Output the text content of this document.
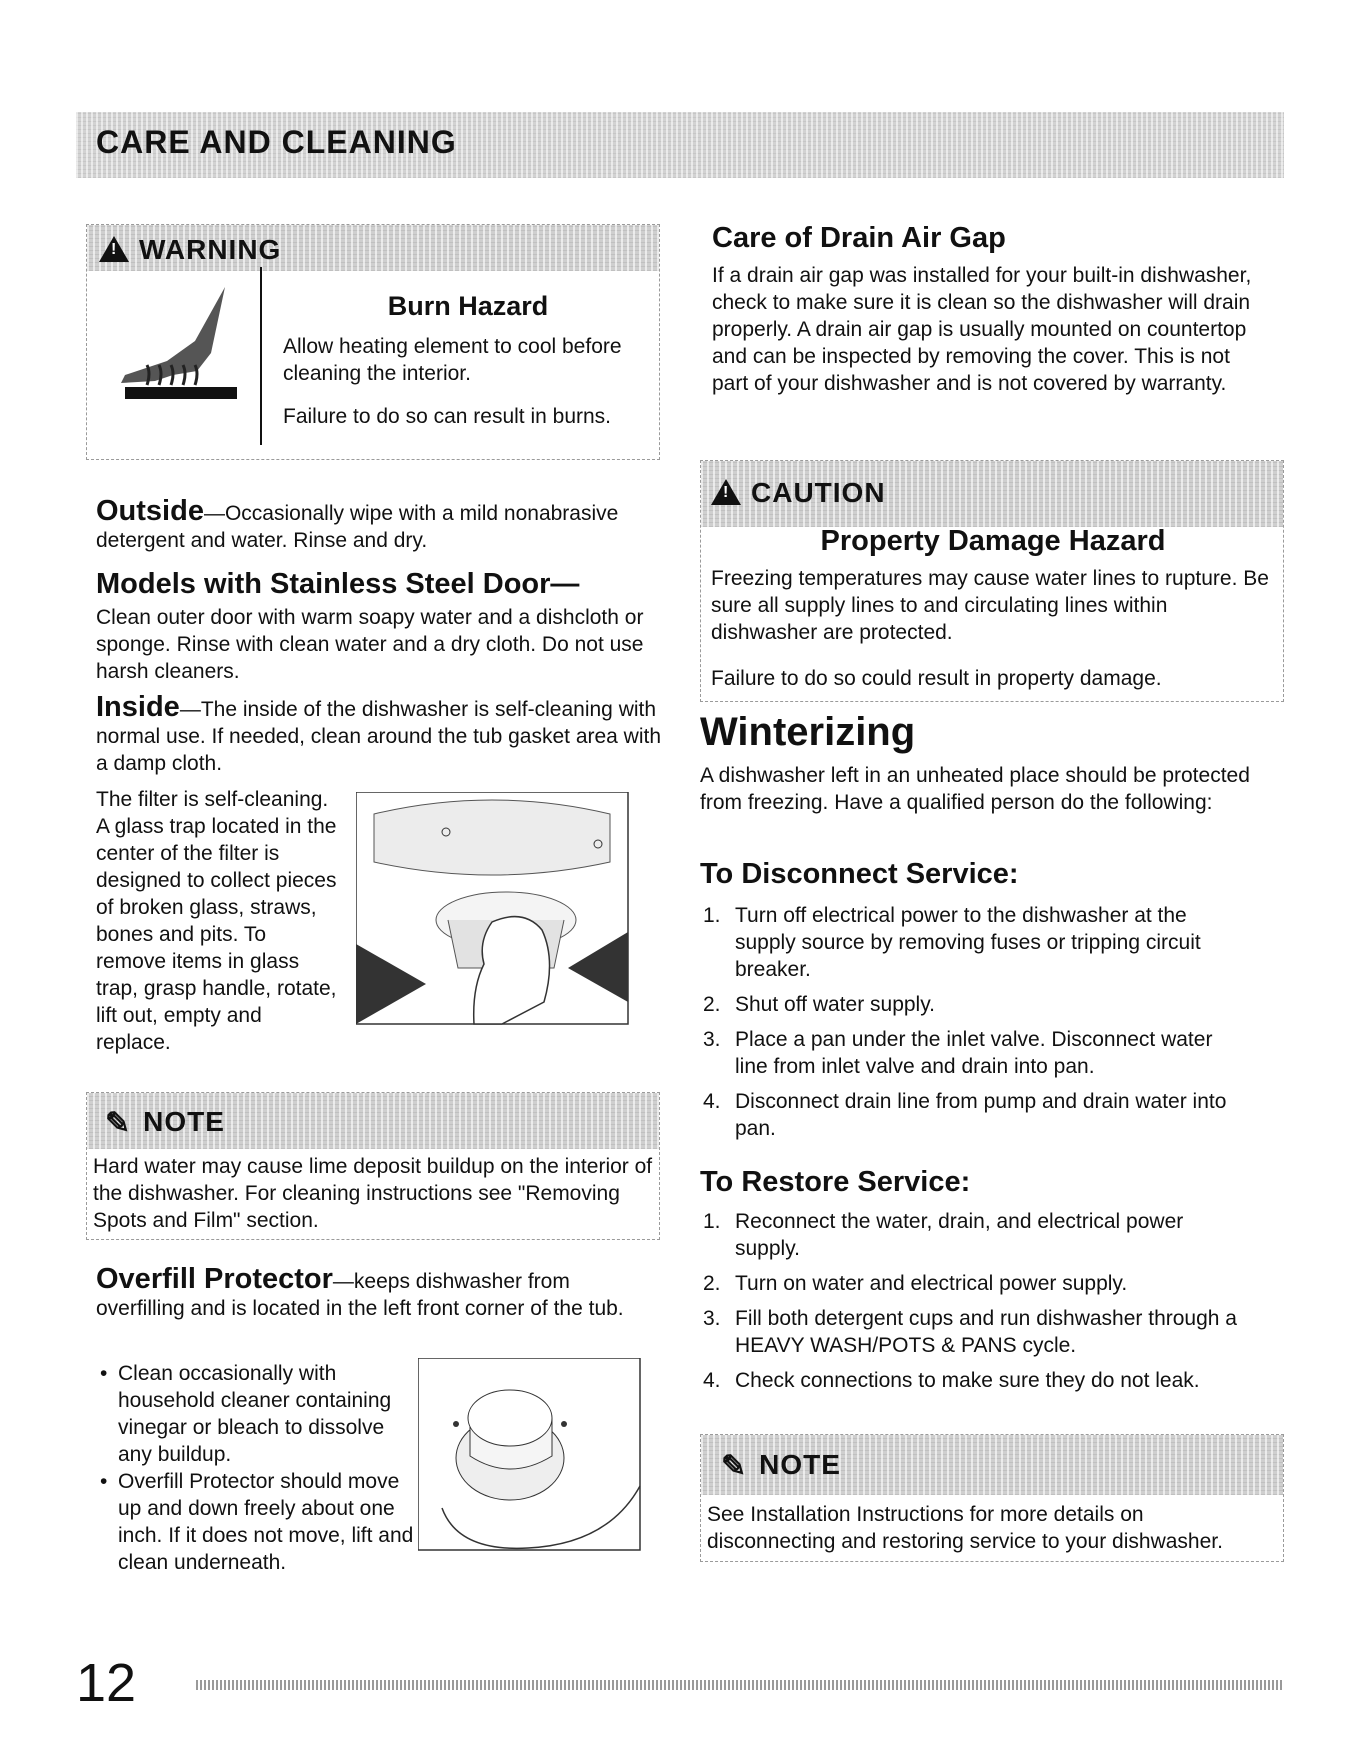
CARE AND CLEANING
!WARNING
Burn Hazard
Allow heating element to cool before cleaning the interior.
Failure to do so can result in burns.
Outside—Occasionally wipe with a mild nonabrasive detergent and water. Rinse and dry.
Models with Stainless Steel Door—
Clean outer door with warm soapy water and a dishcloth or sponge. Rinse with clean water and a dry cloth. Do not use harsh cleaners.
Inside—The inside of the dishwasher is self-cleaning with normal use. If needed, clean around the tub gasket area with a damp cloth.
The filter is self-cleaning. A glass trap located in the center of the filter is designed to collect pieces of broken glass, straws, bones and pits. To remove items in glass trap, grasp handle, rotate, lift out, empty and replace.
✎ NOTE
Hard water may cause lime deposit buildup on the interior of the dishwasher. For cleaning instructions see "Removing Spots and Film" section.
Overfill Protector—keeps dishwasher from overfilling and is located in the left front corner of the tub.
• Clean occasionally with household cleaner containing vinegar or bleach to dissolve any buildup.
• Overfill Protector should move up and down freely about one inch. If it does not move, lift and clean underneath.
Care of Drain Air Gap
If a drain air gap was installed for your built-in dishwasher, check to make sure it is clean so the dishwasher will drain properly. A drain air gap is usually mounted on countertop and can be inspected by removing the cover. This is not part of your dishwasher and is not covered by warranty.
!CAUTION
Property Damage Hazard
Freezing temperatures may cause water lines to rupture. Be sure all supply lines to and circulating lines within dishwasher are protected.
Failure to do so could result in property damage.
Winterizing
A dishwasher left in an unheated place should be protected from freezing. Have a qualified person do the following:
To Disconnect Service:
1. Turn off electrical power to the dishwasher at the supply source by removing fuses or tripping circuit breaker.
2. Shut off water supply.
3. Place a pan under the inlet valve. Disconnect water line from inlet valve and drain into pan.
4. Disconnect drain line from pump and drain water into pan.
To Restore Service:
1. Reconnect the water, drain, and electrical power supply.
2. Turn on water and electrical power supply.
3. Fill both detergent cups and run dishwasher through a HEAVY WASH/POTS & PANS cycle.
4. Check connections to make sure they do not leak.
✎ NOTE
See Installation Instructions for more details on disconnecting and restoring service to your dishwasher.
12
